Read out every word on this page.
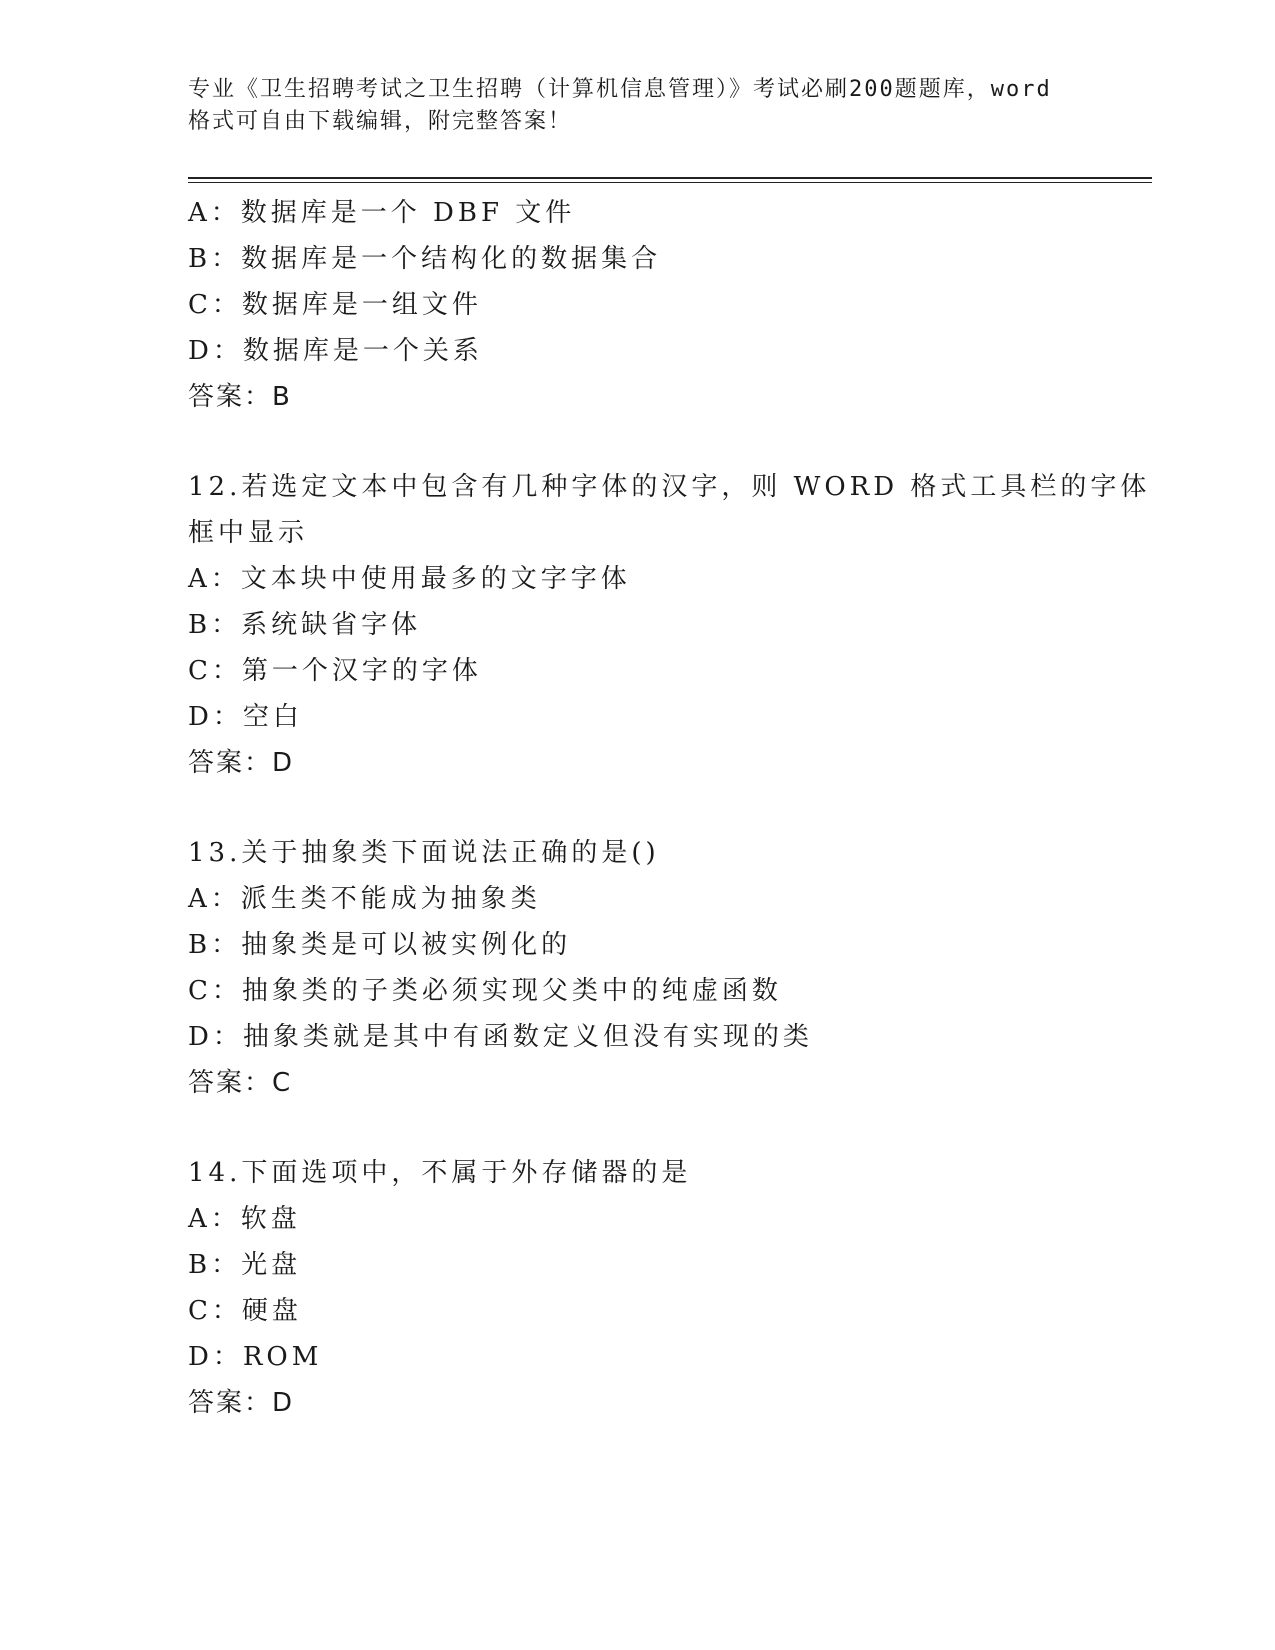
专业《卫生招聘考试之卫生招聘（计算机信息管理）》考试必刷200题题库，word
格式可自由下载编辑，附完整答案！
A：数据库是一个 DBF 文件
B：数据库是一个结构化的数据集合
C：数据库是一组文件
D：数据库是一个关系
答案：B
12.若选定文本中包含有几种字体的汉字，则 WORD 格式工具栏的字体
框中显示
A：文本块中使用最多的文字字体
B：系统缺省字体
C：第一个汉字的字体
D：空白
答案：D
13.关于抽象类下面说法正确的是()
A：派生类不能成为抽象类
B：抽象类是可以被实例化的
C：抽象类的子类必须实现父类中的纯虚函数
D：抽象类就是其中有函数定义但没有实现的类
答案：C
14.下面选项中，不属于外存储器的是
A：软盘
B：光盘
C：硬盘
D：ROM
答案：D
